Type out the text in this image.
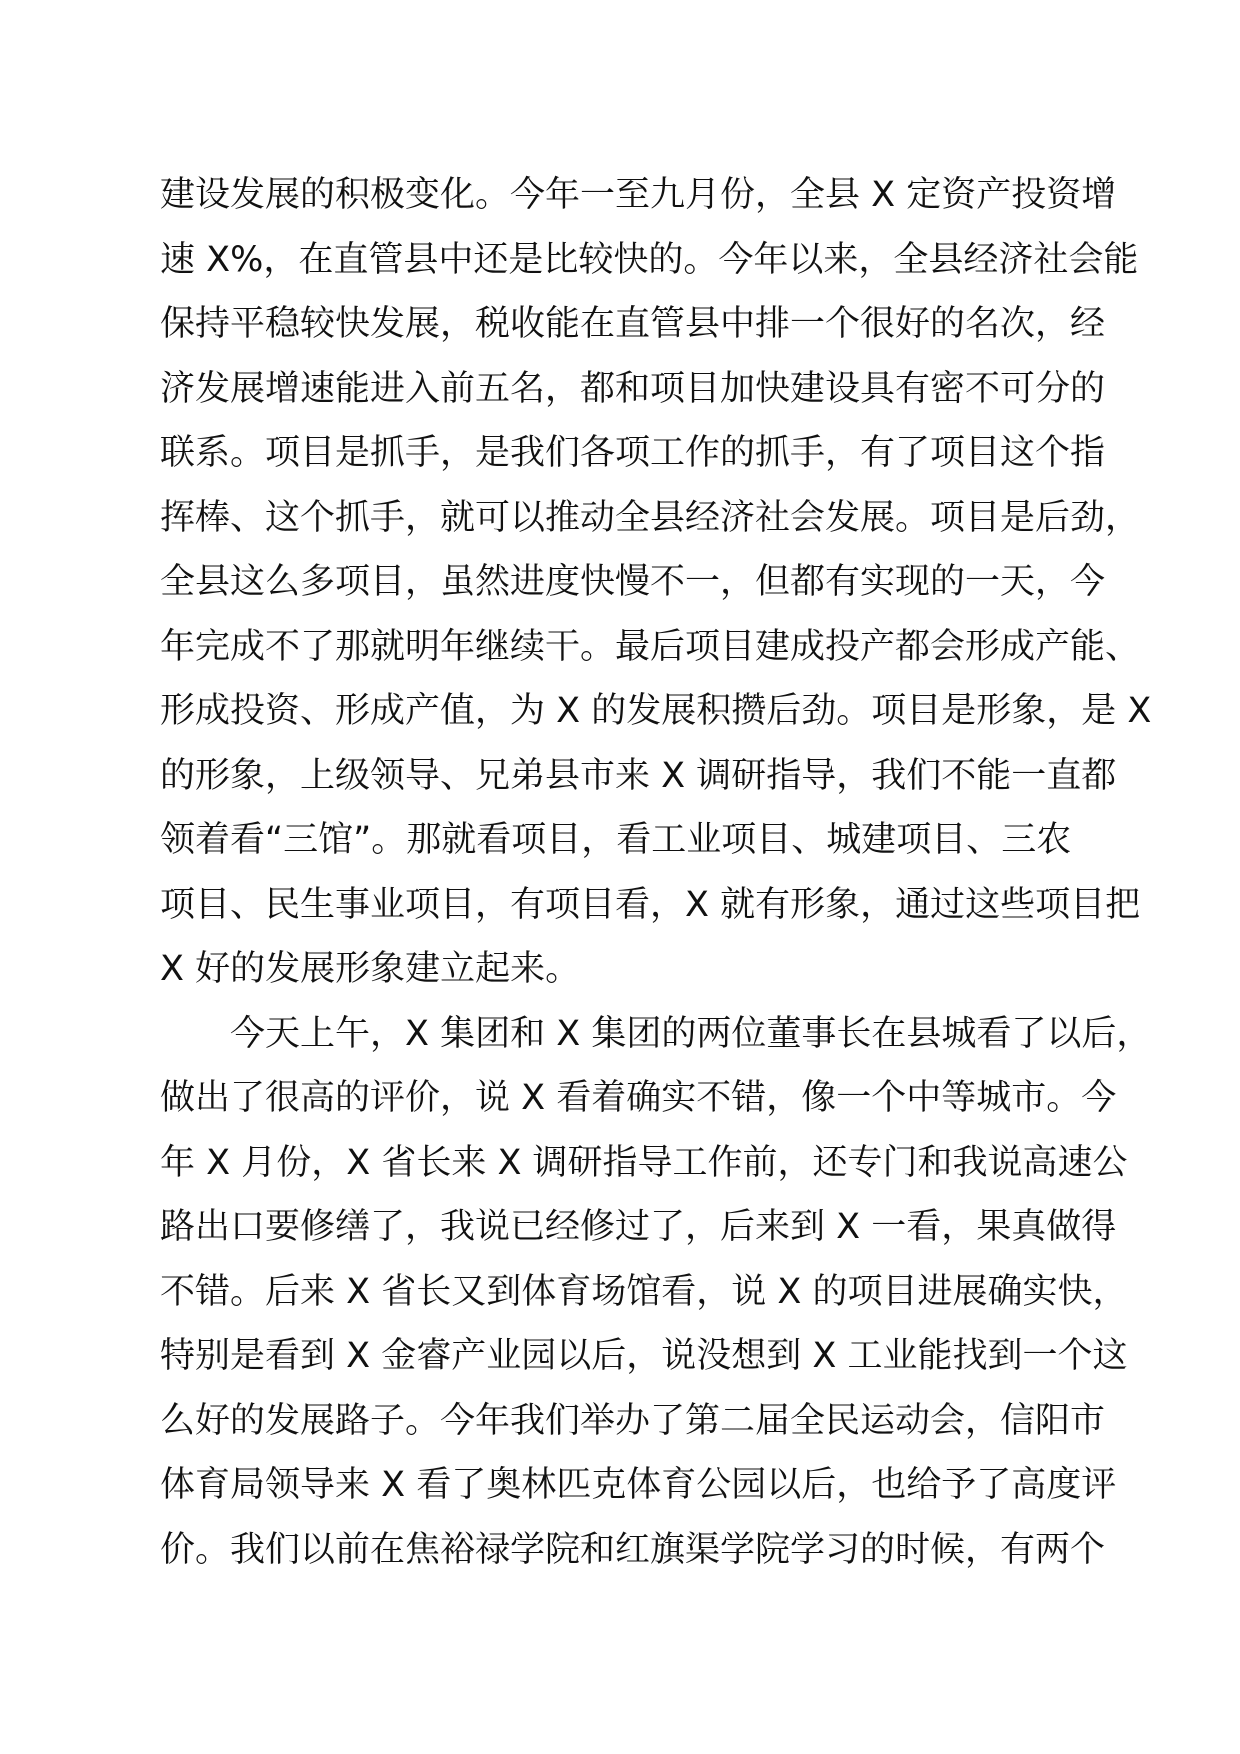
建设发展的积极变化。今年一至九月份，全县 X 定资产投资增
速 X%，在直管县中还是比较快的。今年以来，全县经济社会能
保持平稳较快发展，税收能在直管县中排一个很好的名次，经
济发展增速能进入前五名，都和项目加快建设具有密不可分的
联系。项目是抓手，是我们各项工作的抓手，有了项目这个指
挥棒、这个抓手，就可以推动全县经济社会发展。项目是后劲，
全县这么多项目，虽然进度快慢不一，但都有实现的一天，今
年完成不了那就明年继续干。最后项目建成投产都会形成产能、
形成投资、形成产值，为 X 的发展积攒后劲。项目是形象，是 X
的形象，上级领导、兄弟县市来 X 调研指导，我们不能一直都
领着看“三馆”。那就看项目，看工业项目、城建项目、三农
项目、民生事业项目，有项目看，X 就有形象，通过这些项目把
X 好的发展形象建立起来。
今天上午，X 集团和 X 集团的两位董事长在县城看了以后，
做出了很高的评价，说 X 看着确实不错，像一个中等城市。今
年 X 月份，X 省长来 X 调研指导工作前，还专门和我说高速公
路出口要修缮了，我说已经修过了，后来到 X 一看，果真做得
不错。后来 X 省长又到体育场馆看，说 X 的项目进展确实快，
特别是看到 X 金睿产业园以后，说没想到 X 工业能找到一个这
么好的发展路子。今年我们举办了第二届全民运动会，信阳市
体育局领导来 X 看了奥林匹克体育公园以后，也给予了高度评
价。我们以前在焦裕禄学院和红旗渠学院学习的时候，有两个
